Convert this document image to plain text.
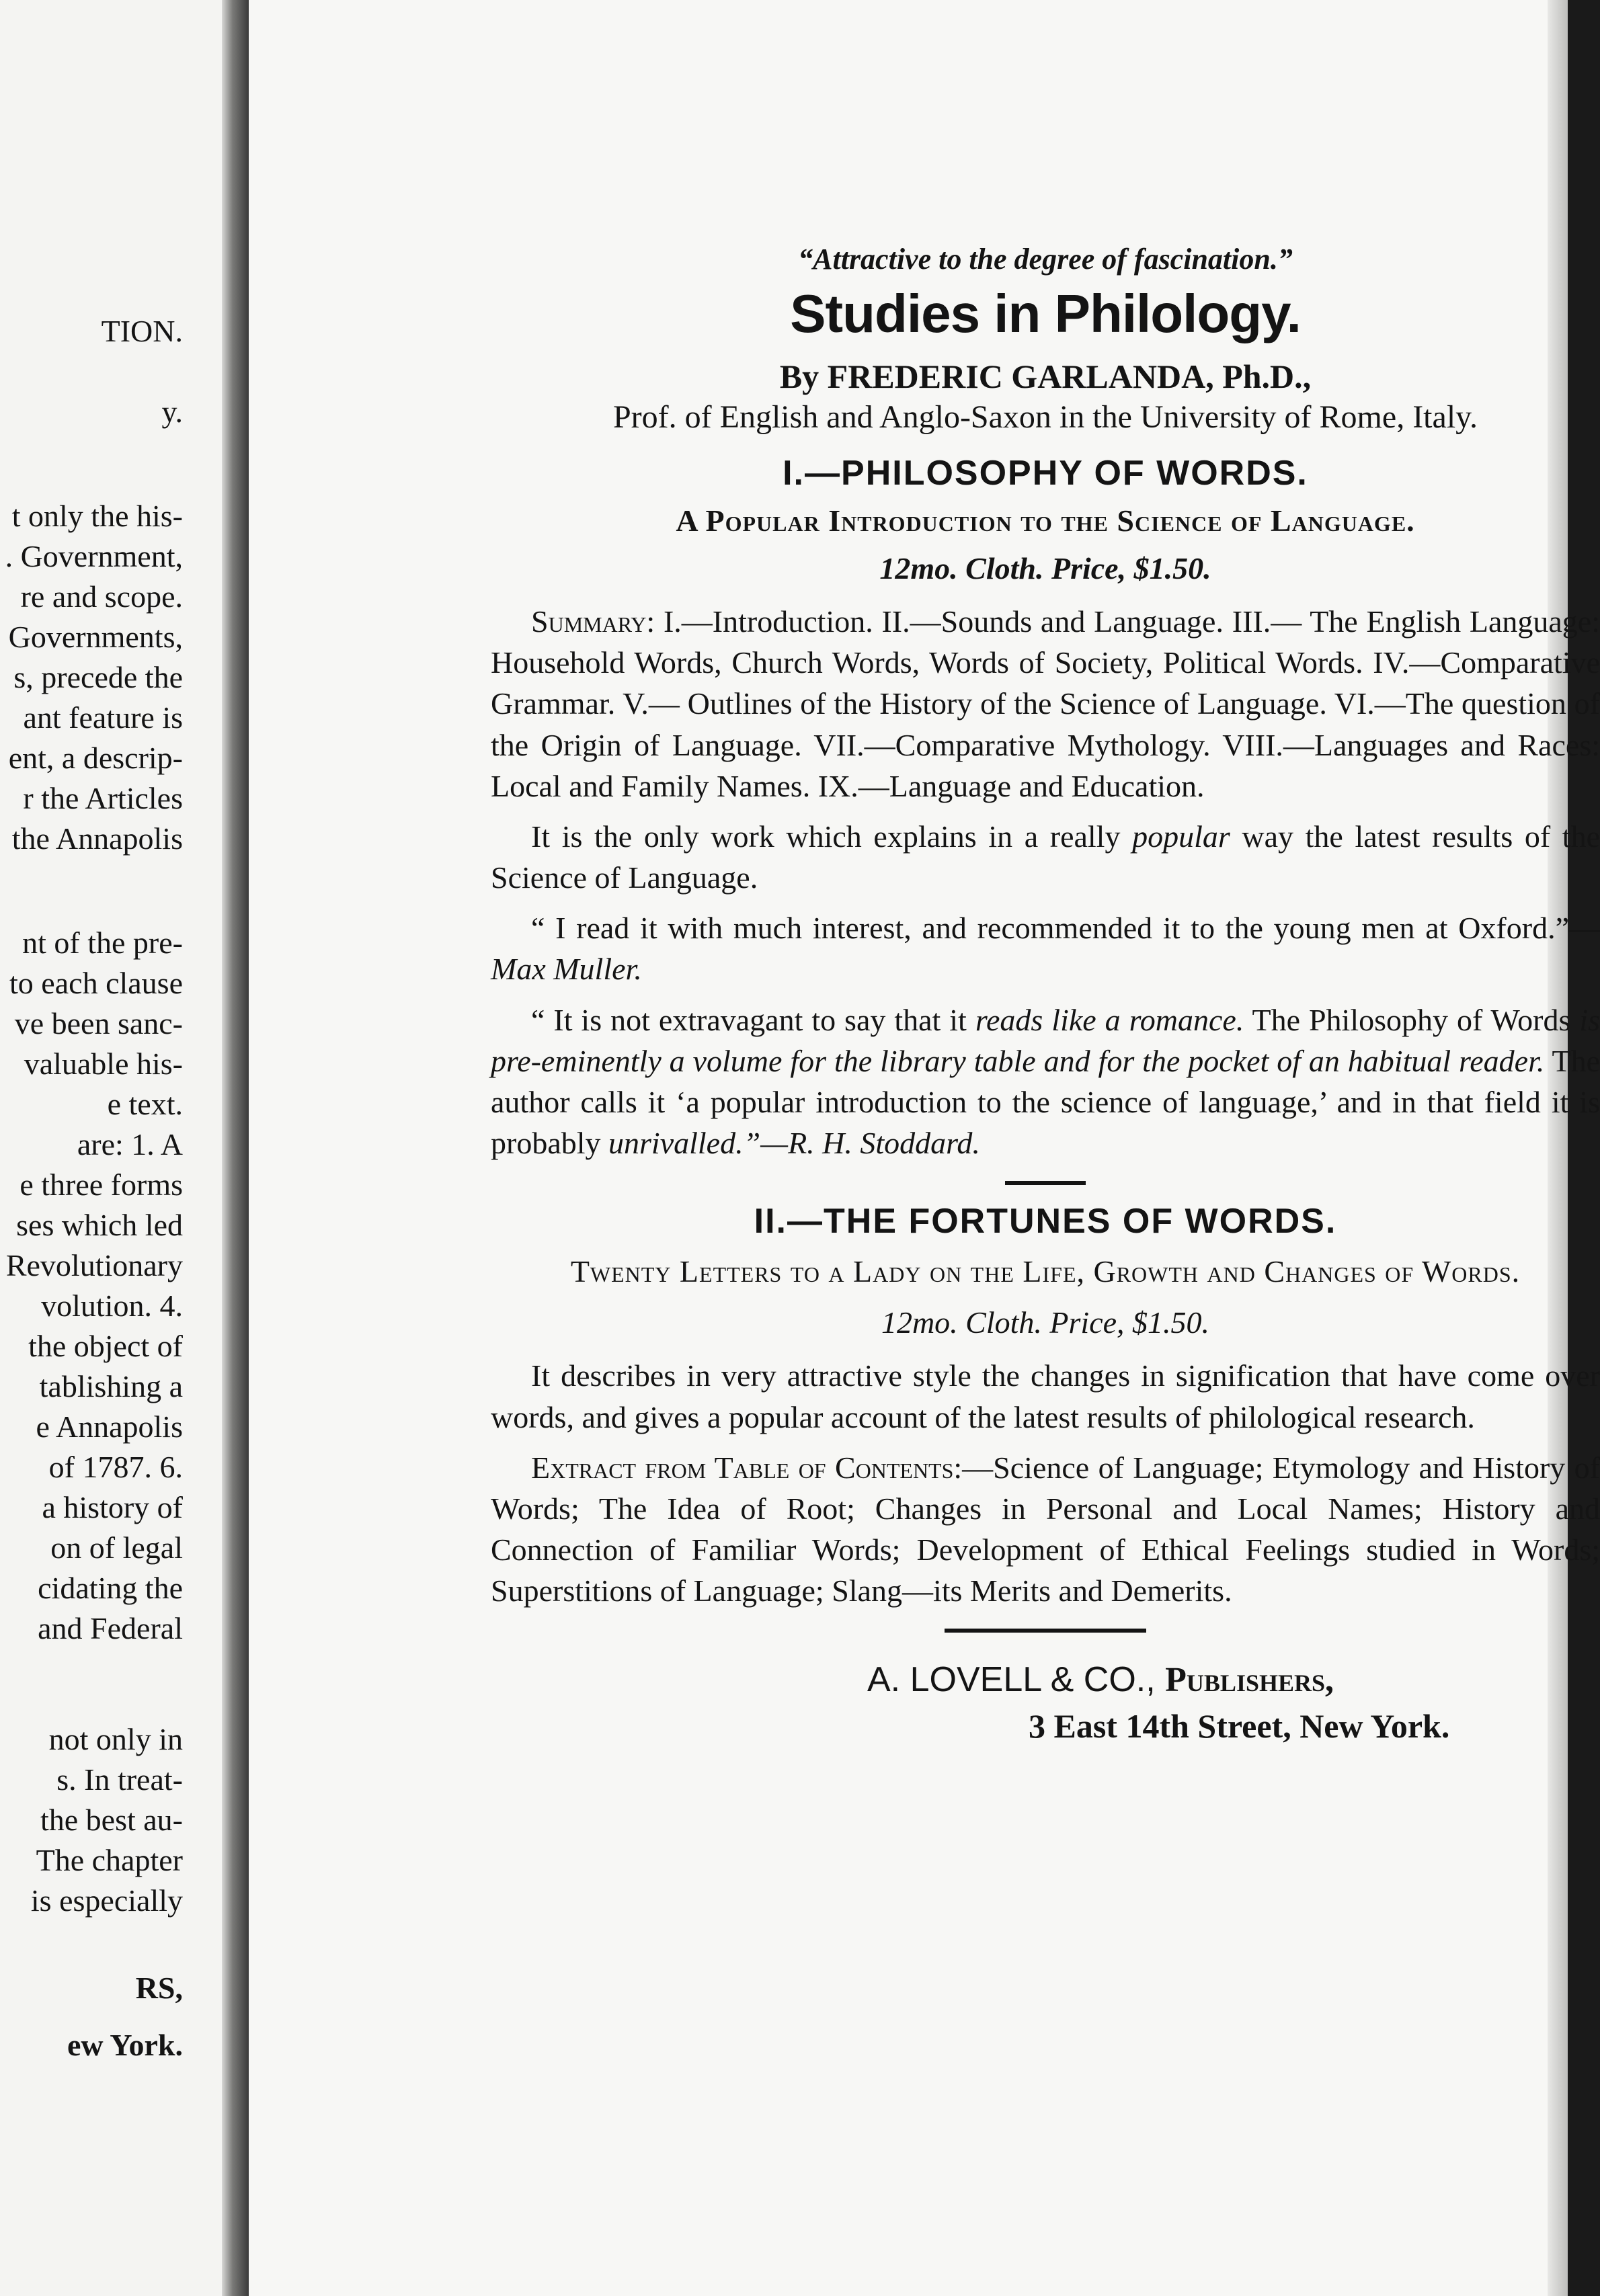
TION.
y.
t only the his-
. Government,
re and scope.
Governments,
s, precede the
ant feature is
ent, a descrip-
r the Articles
the Annapolis
nt of the pre-
to each clause
ve been sanc-
valuable his-
e text.
are: 1. A
e three forms
ses which led
Revolutionary
volution. 4.
the object of
tablishing a
e Annapolis
of 1787. 6.
a history of
on of legal
cidating the
and Federal
not only in
s. In treat-
the best au-
The chapter
is especially
RS,
ew York.
“Attractive to the degree of fascination.”
Studies in Philology.
By FREDERIC GARLANDA, Ph.D.,
Prof. of English and Anglo-Saxon in the University of Rome, Italy.
I.—PHILOSOPHY OF WORDS.
A Popular Introduction to the Science of Language.
12mo. Cloth. Price, $1.50.

Summary: I.—Introduction. II.—Sounds and Language. III.— The English Language: Household Words, Church Words, Words of Society, Political Words. IV.—Comparative Grammar. V.— Outlines of the History of the Science of Language. VI.—The question of the Origin of Language. VII.—Comparative Mythology. VIII.—Languages and Races: Local and Family Names. IX.—Language and Education.

It is the only work which explains in a really popular way the latest results of the Science of Language.

“ I read it with much interest, and recommended it to the young men at Oxford.”—Max Muller.

“ It is not extravagant to say that it reads like a romance. The Philosophy of Words is pre-eminently a volume for the library table and for the pocket of an habitual reader. The author calls it ‘a popular introduction to the science of language,’ and in that field it is probably unrivalled.”—R. H. Stoddard.

II.—THE FORTUNES OF WORDS.
Twenty Letters to a Lady on the Life, Growth and Changes of Words.
12mo. Cloth. Price, $1.50.

It describes in very attractive style the changes in signification that have come over words, and gives a popular account of the latest results of philological research.

Extract from Table of Contents:—Science of Language; Etymology and History of Words; The Idea of Root; Changes in Personal and Local Names; History and Connection of Familiar Words; Development of Ethical Feelings studied in Words; Superstitions of Language; Slang—its Merits and Demerits.

A. LOVELL & CO., Publishers,
3 East 14th Street, New York.
